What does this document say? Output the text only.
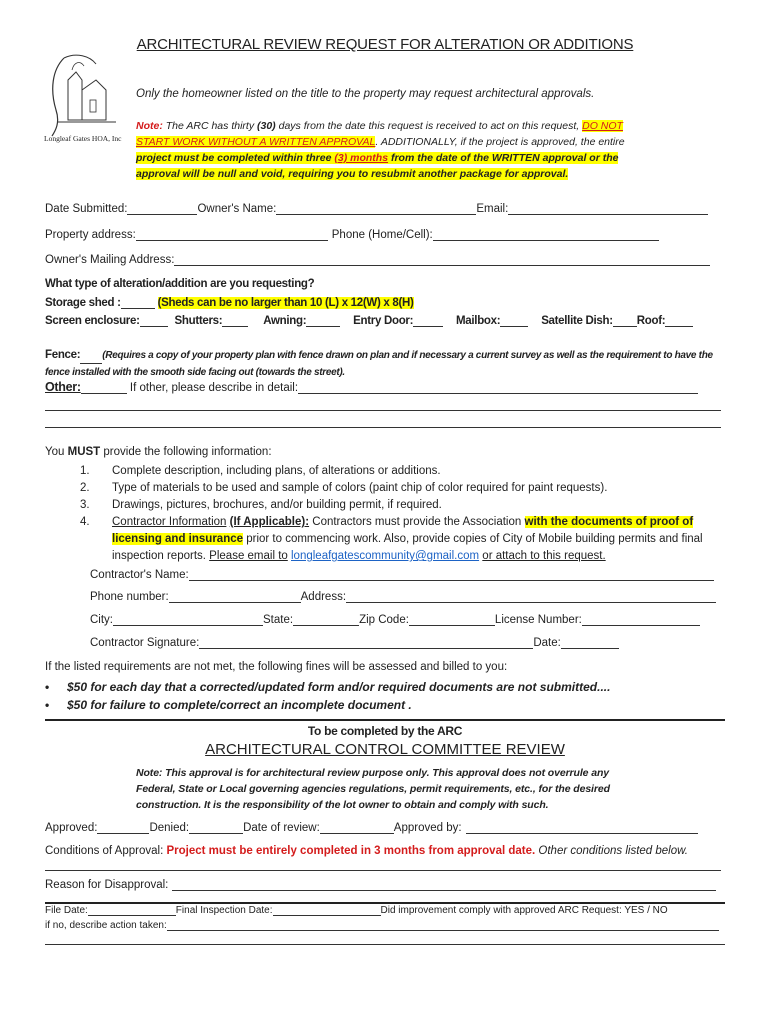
ARCHITECTURAL REVIEW REQUEST FOR ALTERATION OR ADDITIONS
Longleaf Gates HOA, Inc
Only the homeowner listed on the title to the property may request architectural approvals.
Note: The ARC has thirty (30) days from the date this request is received to act on this request, DO NOT START WORK WITHOUT A WRITTEN APPROVAL. ADDITIONALLY, if the project is approved, the entire project must be completed within three (3) months from the date of the WRITTEN approval or the approval will be null and void, requiring you to resubmit another package for approval.
Date Submitted:	Owner's Name:	Email:
Property address:	Phone (Home/Cell):
Owner's Mailing Address:
What type of alteration/addition are you requesting?
Storage shed :	(Sheds can be no larger than 10 (L) x 12(W) x 8(H)
Screen enclosure:	Shutters:	Awning:	Entry Door:	Mailbox:	Satellite Dish: Roof:
Fence: (Requires a copy of your property plan with fence drawn on plan and if necessary a current survey as well as the requirement to have the fence installed with the smooth side facing out (towards the street).
Other:	If other, please describe in detail:
You MUST provide the following information:
1.	Complete description, including plans, of alterations or additions.
2.	Type of materials to be used and sample of colors (paint chip of color required for paint requests).
3.	Drawings, pictures, brochures, and/or building permit, if required.
4.	Contractor Information (If Applicable): Contractors must provide the Association with the documents of proof of licensing and insurance prior to commencing work. Also, provide copies of City of Mobile building permits and final inspection reports. Please email to longleafgatescommunity@gmail.com or attach to this request.
Contractor's Name:
Phone number:	Address:
City:	State:	Zip Code:	License Number:
Contractor Signature:	Date:
If the listed requirements are not met, the following fines will be assessed and billed to you:
• $50 for each day that a corrected/updated form and/or required documents are not submitted....
• $50 for failure to complete/correct an incomplete document .
To be completed by the ARC
ARCHITECTURAL CONTROL COMMITTEE REVIEW
Note: This approval is for architectural review purpose only. This approval does not overrule any Federal, State or Local governing agencies regulations, permit requirements, etc., for the desired construction. It is the responsibility of the lot owner to obtain and comply with such.
Approved:	Denied:	Date of review:	Approved by:
Conditions of Approval: Project must be entirely completed in 3 months from approval date. Other conditions listed below.
Reason for Disapproval:
File Date:	Final Inspection Date:	Did improvement comply with approved ARC Request: YES / NO
if no, describe action taken:
